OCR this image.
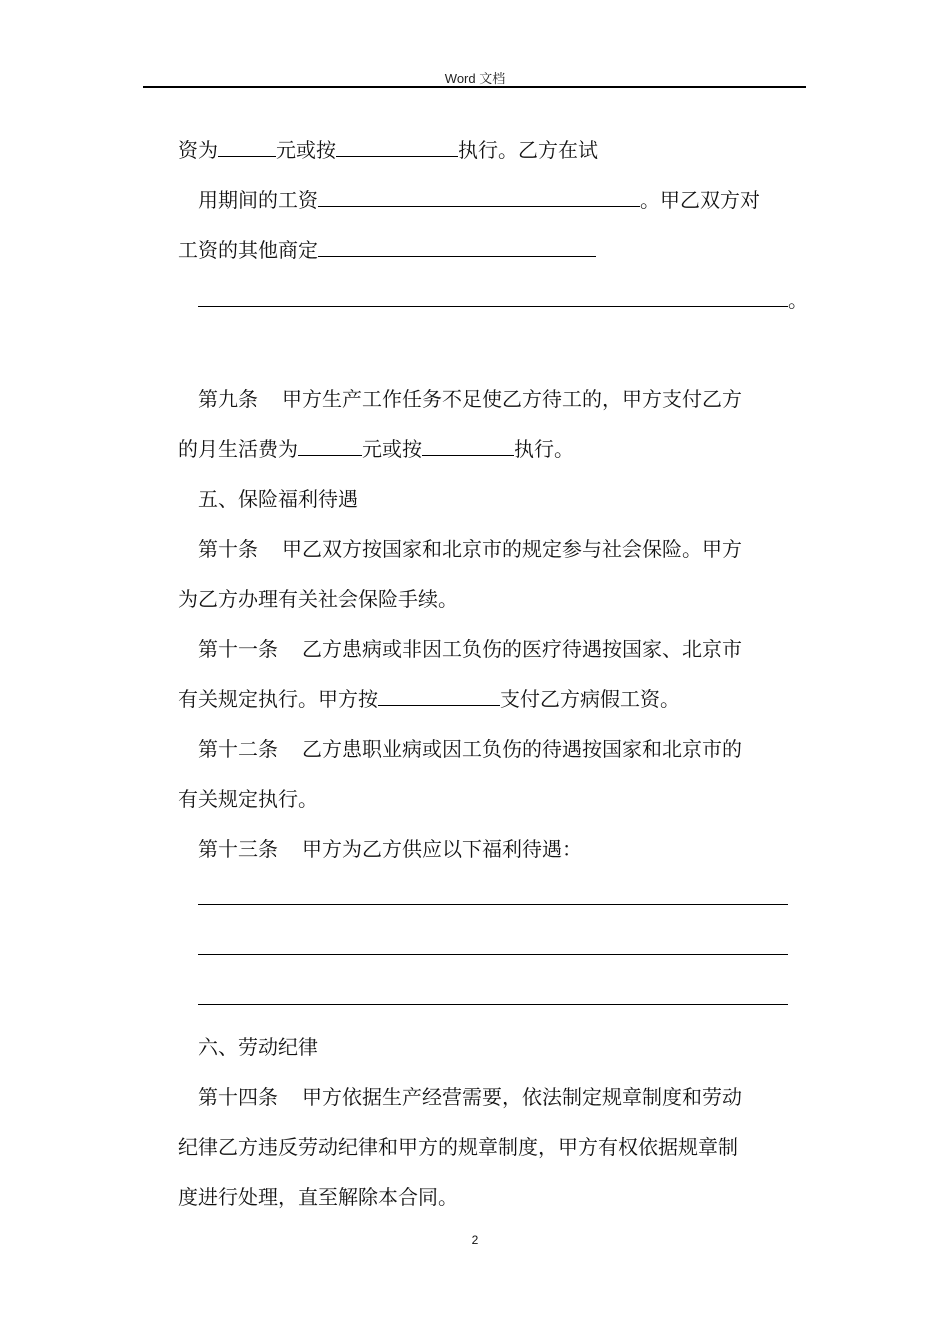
Word 文档
资为	元或按	执行。乙方在试
用期间的工资	。甲乙双方对
工资的其他商定
。
第九条 甲方生产工作任务不足使乙方待工的，甲方支付乙方
的月生活费为	元或按	执行。
五、保险福利待遇
第十条 甲乙双方按国家和北京市的规定参与社会保险。甲方
为乙方办理有关社会保险手续。
第十一条 乙方患病或非因工负伤的医疗待遇按国家、北京市
有关规定执行。甲方按	支付乙方病假工资。
第十二条 乙方患职业病或因工负伤的待遇按国家和北京市的
有关规定执行。
第十三条 甲方为乙方供应以下福利待遇：
六、劳动纪律
第十四条 甲方依据生产经营需要，依法制定规章制度和劳动
纪律乙方违反劳动纪律和甲方的规章制度，甲方有权依据规章制
度进行处理，直至解除本合同。
2
